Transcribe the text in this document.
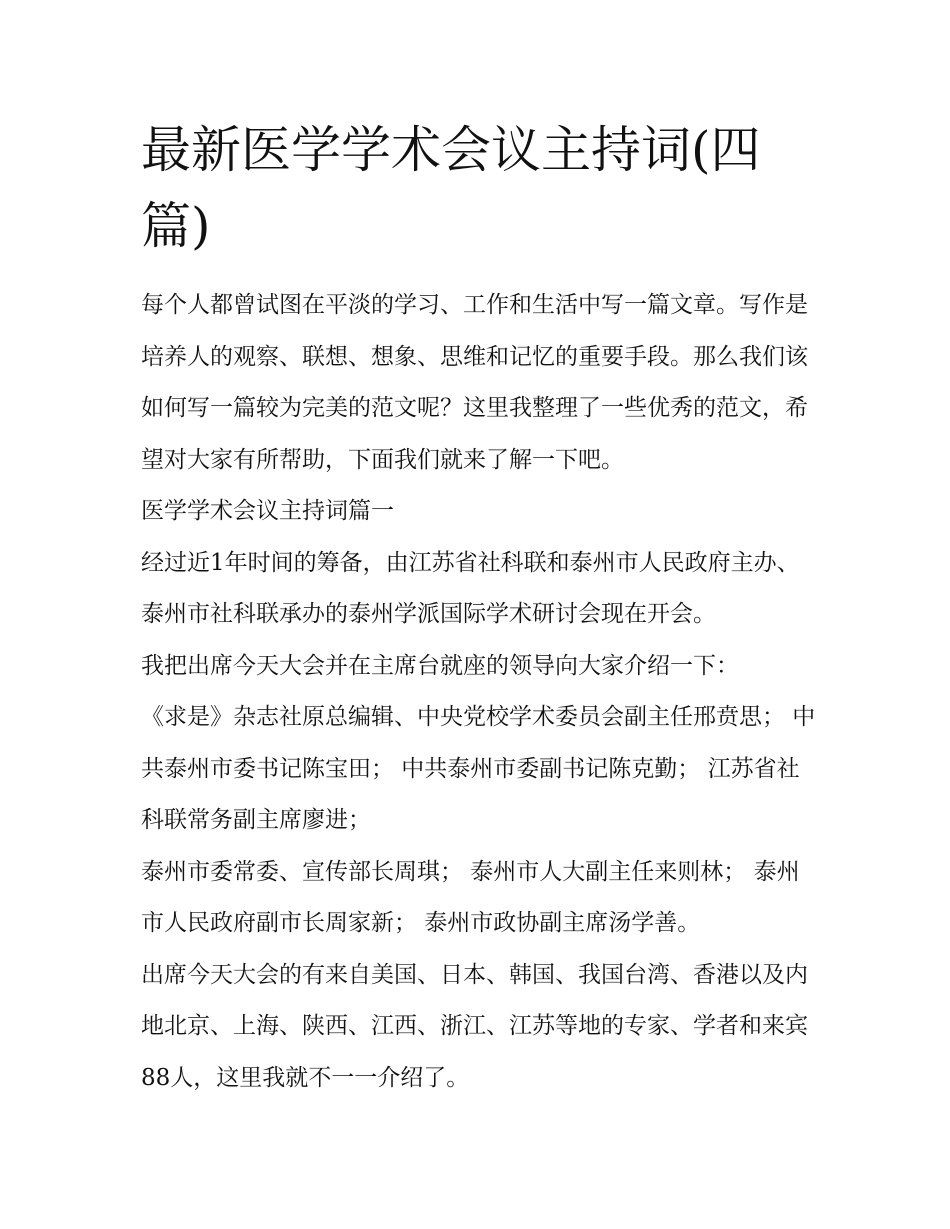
最新医学学术会议主持词(四篇)

每个人都曾试图在平淡的学习、工作和生活中写一篇文章。写作是培养人的观察、联想、想象、思维和记忆的重要手段。那么我们该如何写一篇较为完美的范文呢？这里我整理了一些优秀的范文，希望对大家有所帮助，下面我们就来了解一下吧。

医学学术会议主持词篇一

经过近1年时间的筹备，由江苏省社科联和泰州市人民政府主办、泰州市社科联承办的泰州学派国际学术研讨会现在开会。

我把出席今天大会并在主席台就座的领导向大家介绍一下：

《求是》杂志社原总编辑、中央党校学术委员会副主任邢贲思； 中共泰州市委书记陈宝田； 中共泰州市委副书记陈克勤； 江苏省社科联常务副主席廖进；

泰州市委常委、宣传部长周琪； 泰州市人大副主任来则林； 泰州市人民政府副市长周家新； 泰州市政协副主席汤学善。

出席今天大会的有来自美国、日本、韩国、我国台湾、香港以及内地北京、上海、陕西、江西、浙江、江苏等地的专家、学者和来宾88人，这里我就不一一介绍了。
